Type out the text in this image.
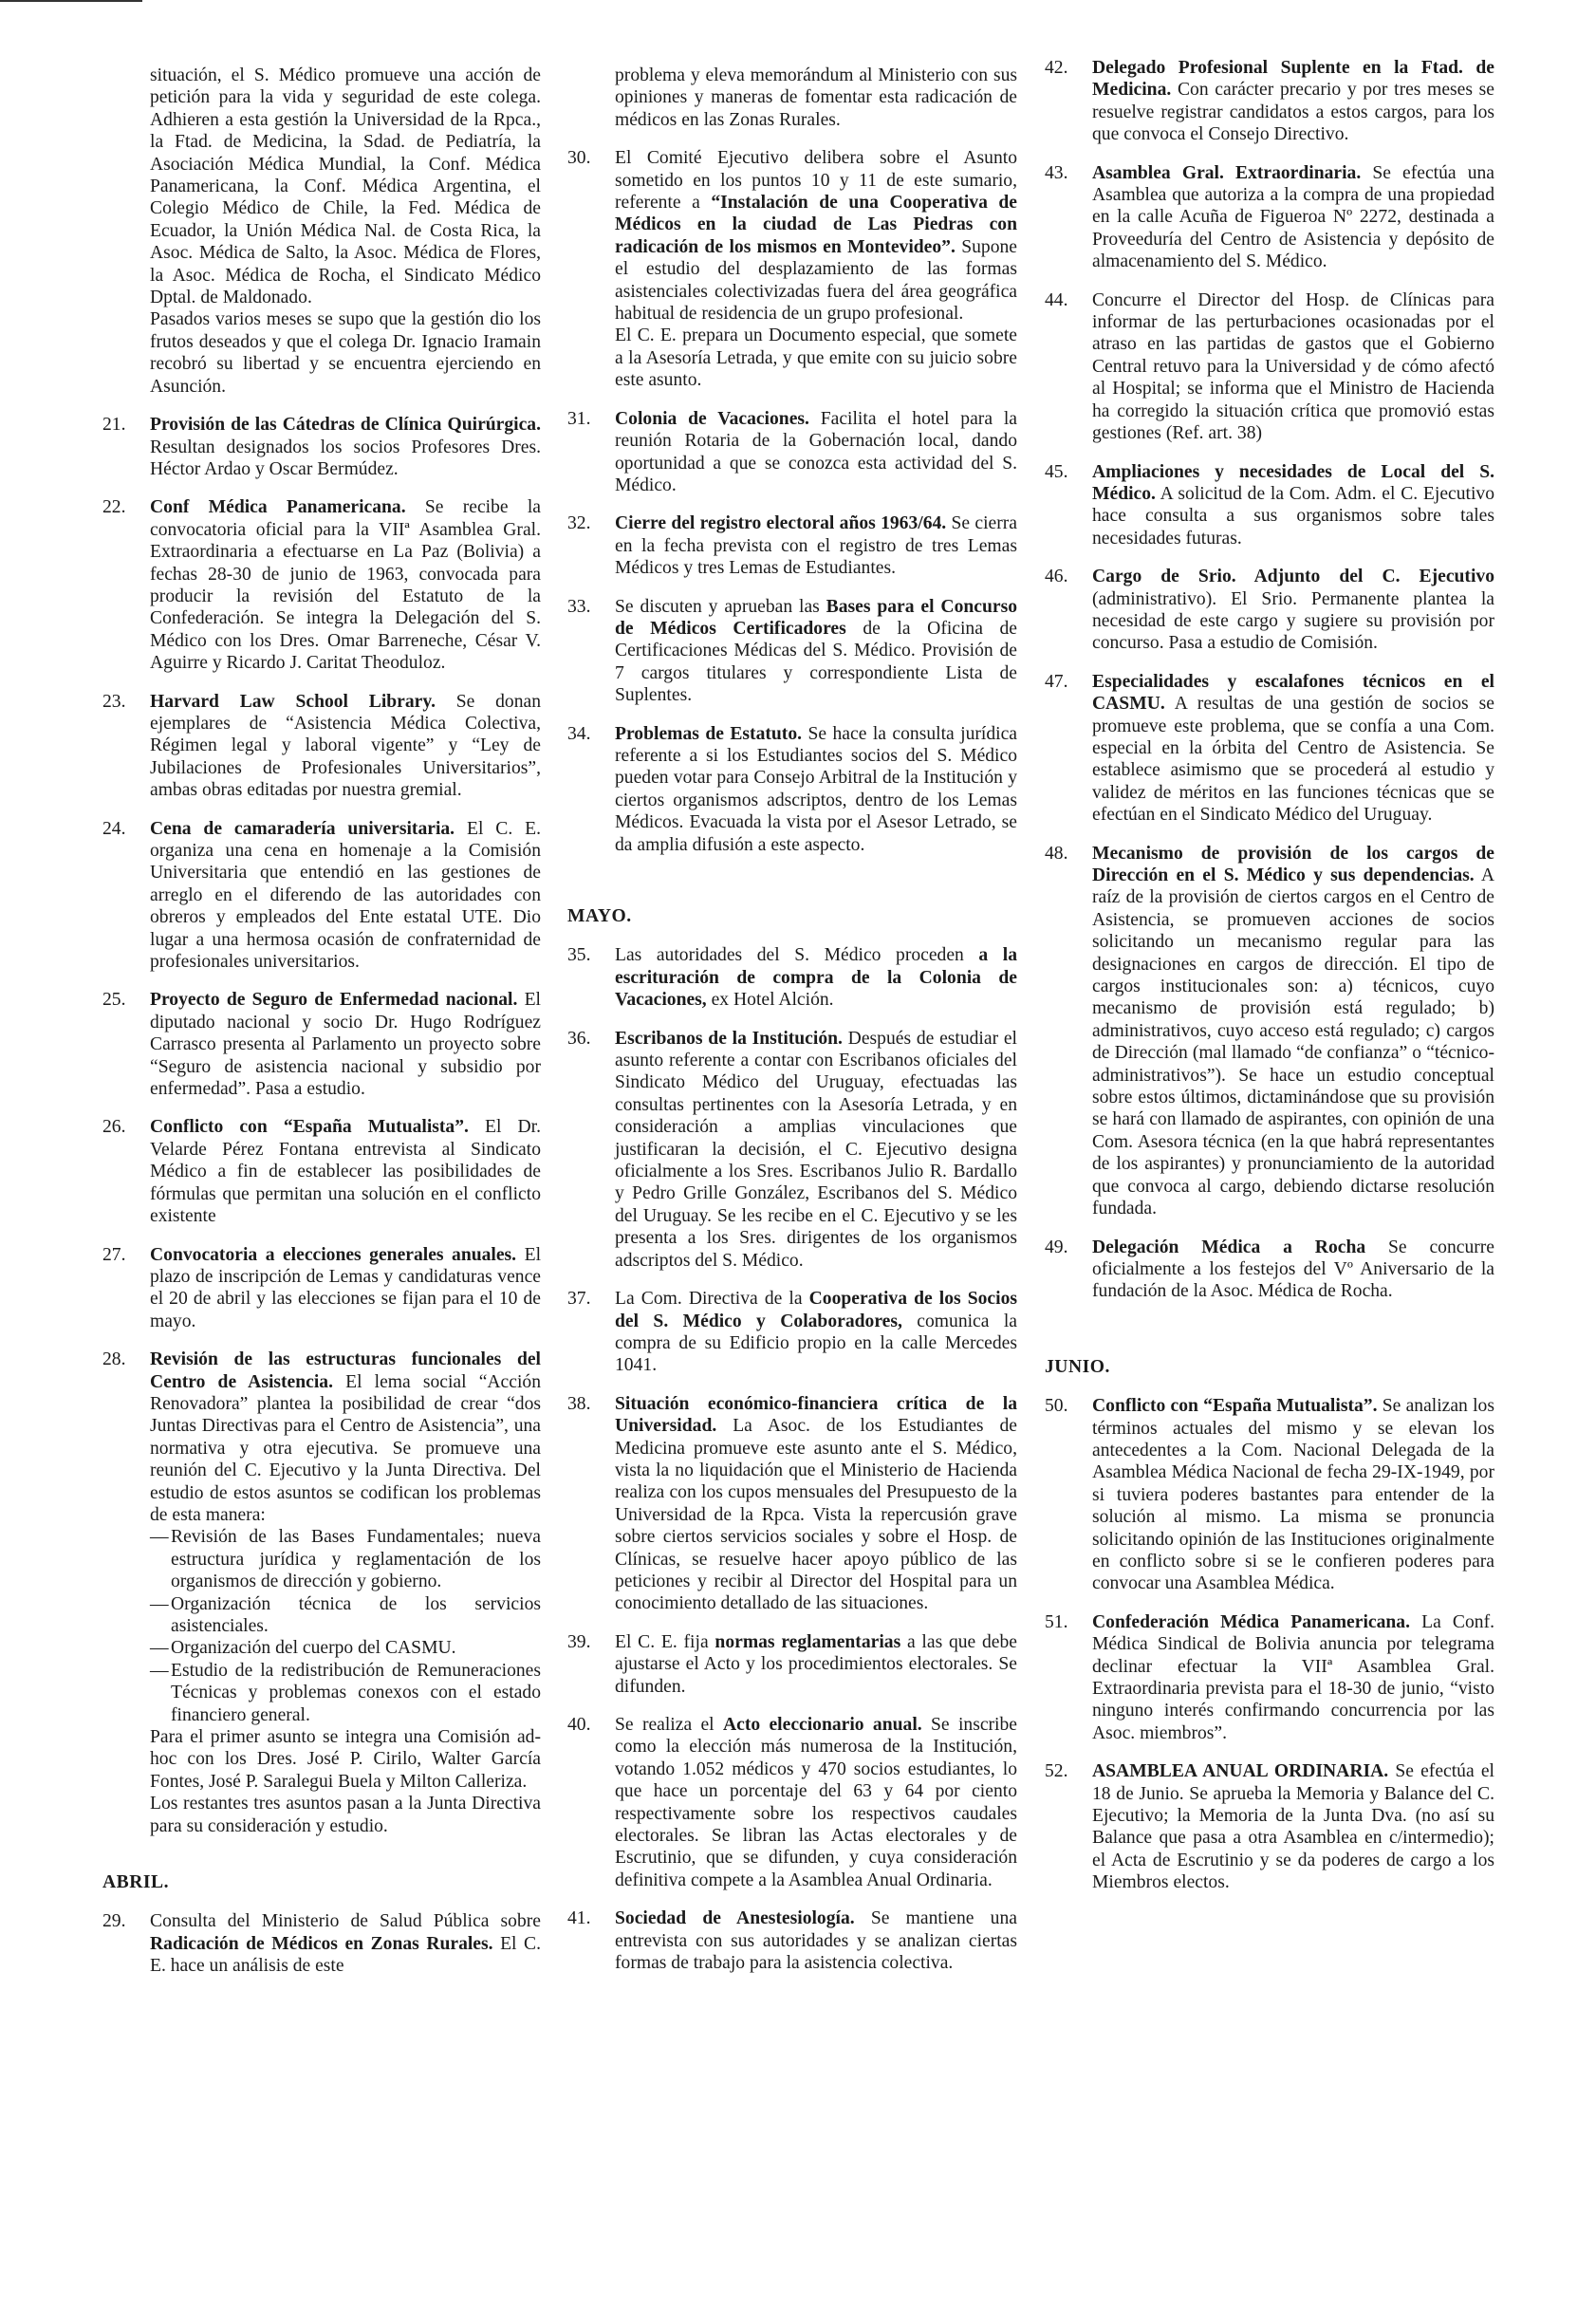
situación, el S. Médico promueve una acción de petición para la vida y seguridad de este colega. Adhieren a esta gestión la Universidad de la Rpca., la Ftad. de Medicina, la Sdad. de Pediatría, la Asociación Médica Mundial, la Conf. Médica Panamericana, la Conf. Médica Argentina, el Colegio Médico de Chile, la Fed. Médica de Ecuador, la Unión Médica Nal. de Costa Rica, la Asoc. Médica de Salto, la Asoc. Médica de Flores, la Asoc. Médica de Rocha, el Sindicato Médico Dptal. de Maldonado.

Pasados varios meses se supo que la gestión dio los frutos deseados y que el colega Dr. Ignacio Iramain recobró su libertad y se encuentra ejerciendo en Asunción.

21.	Provisión de las Cátedras de Clínica Quirúrgica. Resultan designados los socios Profesores Dres. Héctor Ardao y Oscar Bermúdez.

22.	Conf Médica Panamericana. Se recibe la convocatoria oficial para la VIIª Asamblea Gral. Extraordinaria a efectuarse en La Paz (Bolivia) a fechas 28-30 de junio de 1963, convocada para producir la revisión del Estatuto de la Confederación. Se integra la Delegación del S. Médico con los Dres. Omar Barreneche, César V. Aguirre y Ricardo J. Caritat Theoduloz.

23.	Harvard Law School Library. Se donan ejemplares de “Asistencia Médica Colectiva, Régimen legal y laboral vigente” y “Ley de Jubilaciones de Profesionales Universitarios”, ambas obras editadas por nuestra gremial.

24.	Cena de camaradería universitaria. El C. E. organiza una cena en homenaje a la Comisión Universitaria que entendió en las gestiones de arreglo en el diferendo de las autoridades con obreros y empleados del Ente estatal UTE. Dio lugar a una hermosa ocasión de confraternidad de profesionales universitarios.

25.	Proyecto de Seguro de Enfermedad nacional. El diputado nacional y socio Dr. Hugo Rodríguez Carrasco presenta al Parlamento un proyecto sobre “Seguro de asistencia nacional y subsidio por enfermedad”. Pasa a estudio.

26.	Conflicto con “España Mutualista”. El Dr. Velarde Pérez Fontana entrevista al Sindicato Médico a fin de establecer las posibilidades de fórmulas que permitan una solución en el conflicto existente

27.	Convocatoria a elecciones generales anuales. El plazo de inscripción de Lemas y candidaturas vence el 20 de abril y las elecciones se fijan para el 10 de mayo.

28.	Revisión de las estructuras funcionales del Centro de Asistencia. El lema social “Acción Renovadora” plantea la posibilidad de crear “dos Juntas Directivas para el Centro de Asistencia”, una normativa y otra ejecutiva. Se promueve una reunión del C. Ejecutivo y la Junta Directiva. Del estudio de estos asuntos se codifican los problemas de esta manera:

— Revisión de las Bases Fundamentales; nueva estructura jurídica y reglamentación de los organismos de dirección y gobierno.

— Organización técnica de los servicios asistenciales.

— Organización del cuerpo del CASMU.

— Estudio de la redistribución de Remuneraciones Técnicas y problemas conexos con el estado financiero general.

Para el primer asunto se integra una Comisión ad-hoc con los Dres. José P. Cirilo, Walter García Fontes, José P. Saralegui Buela y Milton Calleriza.

Los restantes tres asuntos pasan a la Junta Directiva para su consideración y estudio.

ABRIL.
29.	Consulta del Ministerio de Salud Pública sobre Radicación de Médicos en Zonas Rurales. El C. E. hace un análisis de este

problema y eleva memorándum al Ministerio con sus opiniones y maneras de fomentar esta radicación de médicos en las Zonas Rurales.

30.	El Comité Ejecutivo delibera sobre el Asunto sometido en los puntos 10 y 11 de este sumario, referente a “Instalación de una Cooperativa de Médicos en la ciudad de Las Piedras con radicación de los mismos en Montevideo”. Supone el estudio del desplazamiento de las formas asistenciales colectivizadas fuera del área geográfica habitual de residencia de un grupo profesional.

El C. E. prepara un Documento especial, que somete a la Asesoría Letrada, y que emite con su juicio sobre este asunto.

31.	Colonia de Vacaciones. Facilita el hotel para la reunión Rotaria de la Gobernación local, dando oportunidad a que se conozca esta actividad del S. Médico.

32.	Cierre del registro electoral años 1963/64. Se cierra en la fecha prevista con el registro de tres Lemas Médicos y tres Lemas de Estudiantes.

33.	Se discuten y aprueban las Bases para el Concurso de Médicos Certificadores de la Oficina de Certificaciones Médicas del S. Médico. Provisión de 7 cargos titulares y correspondiente Lista de Suplentes.

34.	Problemas de Estatuto. Se hace la consulta jurídica referente a si los Estudiantes socios del S. Médico pueden votar para Consejo Arbitral de la Institución y ciertos organismos adscriptos, dentro de los Lemas Médicos. Evacuada la vista por el Asesor Letrado, se da amplia difusión a este aspecto.

MAYO.
35.	Las autoridades del S. Médico proceden a la escrituración de compra de la Colonia de Vacaciones, ex Hotel Alción.

36.	Escribanos de la Institución. Después de estudiar el asunto referente a contar con Escribanos oficiales del Sindicato Médico del Uruguay, efectuadas las consultas pertinentes con la Asesoría Letrada, y en consideración a amplias vinculaciones que justificaran la decisión, el C. Ejecutivo designa oficialmente a los Sres. Escribanos Julio R. Bardallo y Pedro Grille González, Escribanos del S. Médico del Uruguay. Se les recibe en el C. Ejecutivo y se les presenta a los Sres. dirigentes de los organismos adscriptos del S. Médico.

37.	La Com. Directiva de la Cooperativa de los Socios del S. Médico y Colaboradores, comunica la compra de su Edificio propio en la calle Mercedes 1041.

38.	Situación económico-financiera crítica de la Universidad. La Asoc. de los Estudiantes de Medicina promueve este asunto ante el S. Médico, vista la no liquidación que el Ministerio de Hacienda realiza con los cupos mensuales del Presupuesto de la Universidad de la Rpca. Vista la repercusión grave sobre ciertos servicios sociales y sobre el Hosp. de Clínicas, se resuelve hacer apoyo público de las peticiones y recibir al Director del Hospital para un conocimiento detallado de las situaciones.

39.	El C. E. fija normas reglamentarias a las que debe ajustarse el Acto y los procedimientos electorales. Se difunden.

40.	Se realiza el Acto eleccionario anual. Se inscribe como la elección más numerosa de la Institución, votando 1.052 médicos y 470 socios estudiantes, lo que hace un porcentaje del 63 y 64 por ciento respectivamente sobre los respectivos caudales electorales. Se libran las Actas electorales y de Escrutinio, que se difunden, y cuya consideración definitiva compete a la Asamblea Anual Ordinaria.

41.	Sociedad de Anestesiología. Se mantiene una entrevista con sus autoridades y se analizan ciertas formas de trabajo para la asistencia colectiva.

42.	Delegado Profesional Suplente en la Ftad. de Medicina. Con carácter precario y por tres meses se resuelve registrar candidatos a estos cargos, para los que convoca el Consejo Directivo.

43.	Asamblea Gral. Extraordinaria. Se efectúa una Asamblea que autoriza a la compra de una propiedad en la calle Acuña de Figueroa Nº 2272, destinada a Proveeduría del Centro de Asistencia y depósito de almacenamiento del S. Médico.

44.	Concurre el Director del Hosp. de Clínicas para informar de las perturbaciones ocasionadas por el atraso en las partidas de gastos que el Gobierno Central retuvo para la Universidad y de cómo afectó al Hospital; se informa que el Ministro de Hacienda ha corregido la situación crítica que promovió estas gestiones (Ref. art. 38)

45.	Ampliaciones y necesidades de Local del S. Médico. A solicitud de la Com. Adm. el C. Ejecutivo hace consulta a sus organismos sobre tales necesidades futuras.

46.	Cargo de Srio. Adjunto del C. Ejecutivo (administrativo). El Srio. Permanente plantea la necesidad de este cargo y sugiere su provisión por concurso. Pasa a estudio de Comisión.

47.	Especialidades y escalafones técnicos en el CASMU. A resultas de una gestión de socios se promueve este problema, que se confía a una Com. especial en la órbita del Centro de Asistencia. Se establece asimismo que se procederá al estudio y validez de méritos en las funciones técnicas que se efectúan en el Sindicato Médico del Uruguay.

48.	Mecanismo de provisión de los cargos de Dirección en el S. Médico y sus dependencias. A raíz de la provisión de ciertos cargos en el Centro de Asistencia, se promueven acciones de socios solicitando un mecanismo regular para las designaciones en cargos de dirección. El tipo de cargos institucionales son: a) técnicos, cuyo mecanismo de provisión está regulado; b) administrativos, cuyo acceso está regulado; c) cargos de Dirección (mal llamado “de confianza” o “técnico-administrativos”). Se hace un estudio conceptual sobre estos últimos, dictaminándose que su provisión se hará con llamado de aspirantes, con opinión de una Com. Asesora técnica (en la que habrá representantes de los aspirantes) y pronunciamiento de la autoridad que convoca al cargo, debiendo dictarse resolución fundada.

49.	Delegación Médica a Rocha Se concurre oficialmente a los festejos del Vº Aniversario de la fundación de la Asoc. Médica de Rocha.

JUNIO.
50.	Conflicto con “España Mutualista”. Se analizan los términos actuales del mismo y se elevan los antecedentes a la Com. Nacional Delegada de la Asamblea Médica Nacional de fecha 29-IX-1949, por si tuviera poderes bastantes para entender de la solución al mismo. La misma se pronuncia solicitando opinión de las Instituciones originalmente en conflicto sobre si se le confieren poderes para convocar una Asamblea Médica.

51.	Confederación Médica Panamericana. La Conf. Médica Sindical de Bolivia anuncia por telegrama declinar efectuar la VIIª Asamblea Gral. Extraordinaria prevista para el 18-30 de junio, “visto ninguno interés confirmando concurrencia por las Asoc. miembros”.

52.	ASAMBLEA ANUAL ORDINARIA. Se efectúa el 18 de Junio. Se aprueba la Memoria y Balance del C. Ejecutivo; la Memoria de la Junta Dva. (no así su Balance que pasa a otra Asamblea en c/intermedio); el Acta de Escrutinio y se da poderes de cargo a los Miembros electos.
